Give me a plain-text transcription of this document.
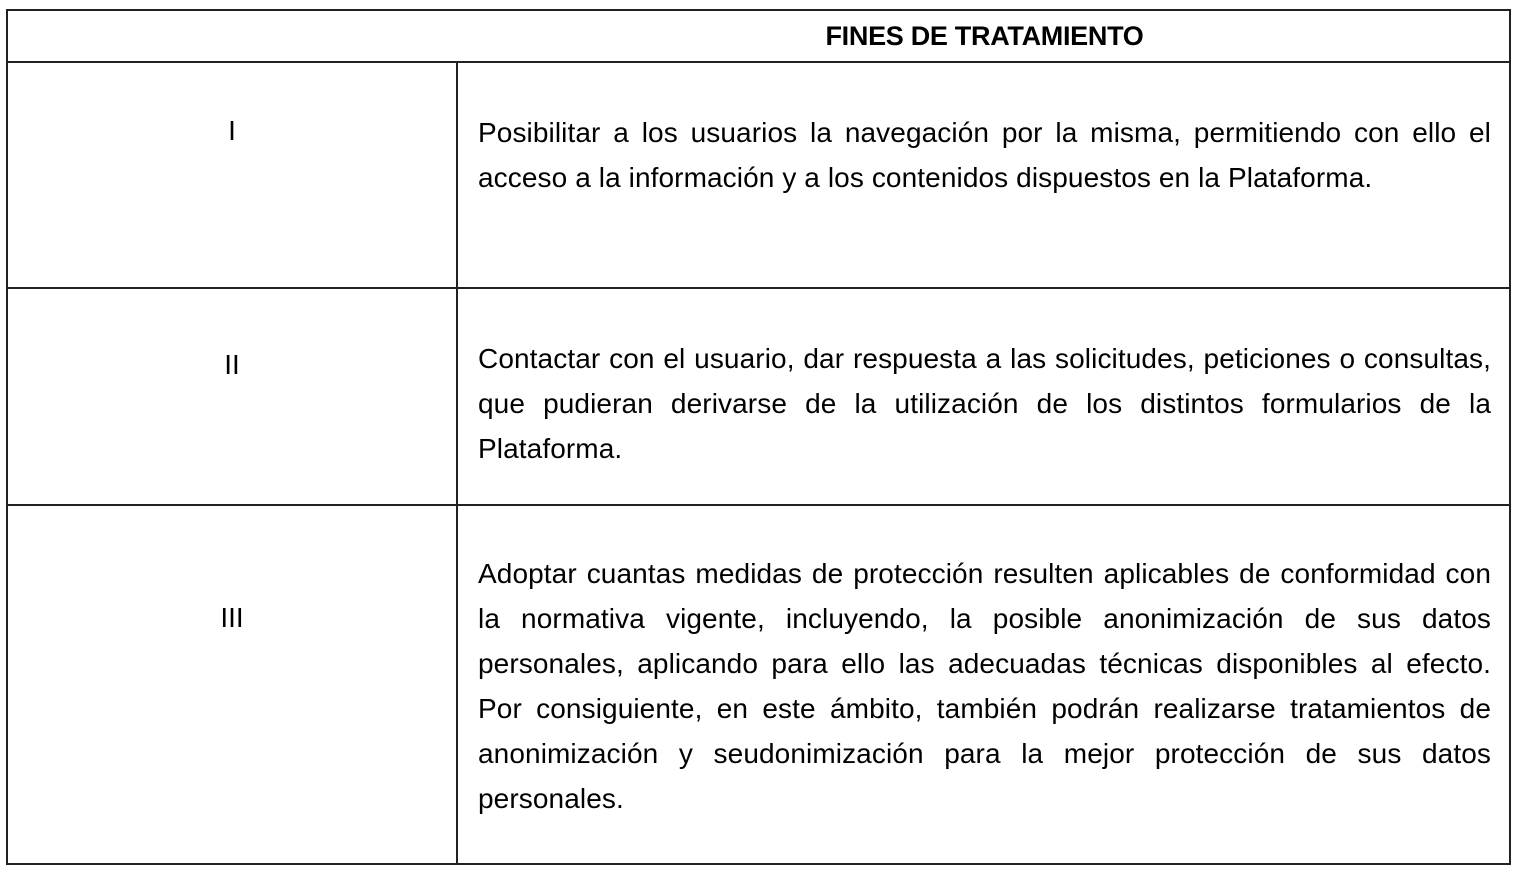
FINES DE TRATAMIENTO
I	Posibilitar a los usuarios la navegación por la misma, permitiendo con ello el acceso a la información y a los contenidos dispuestos en la Plataforma.

II	Contactar con el usuario, dar respuesta a las solicitudes, peticiones o consultas, que pudieran derivarse de la utilización de los distintos formularios de la Plataforma.

III

Adoptar cuantas medidas de protección resulten aplicables de conformidad con la normativa vigente, incluyendo, la posible anonimización de sus datos personales, aplicando para ello las adecuadas técnicas disponibles al efecto. Por consiguiente, en este ámbito, también podrán realizarse tratamientos de anonimización y seudonimización para la mejor protección de sus datos personales.
